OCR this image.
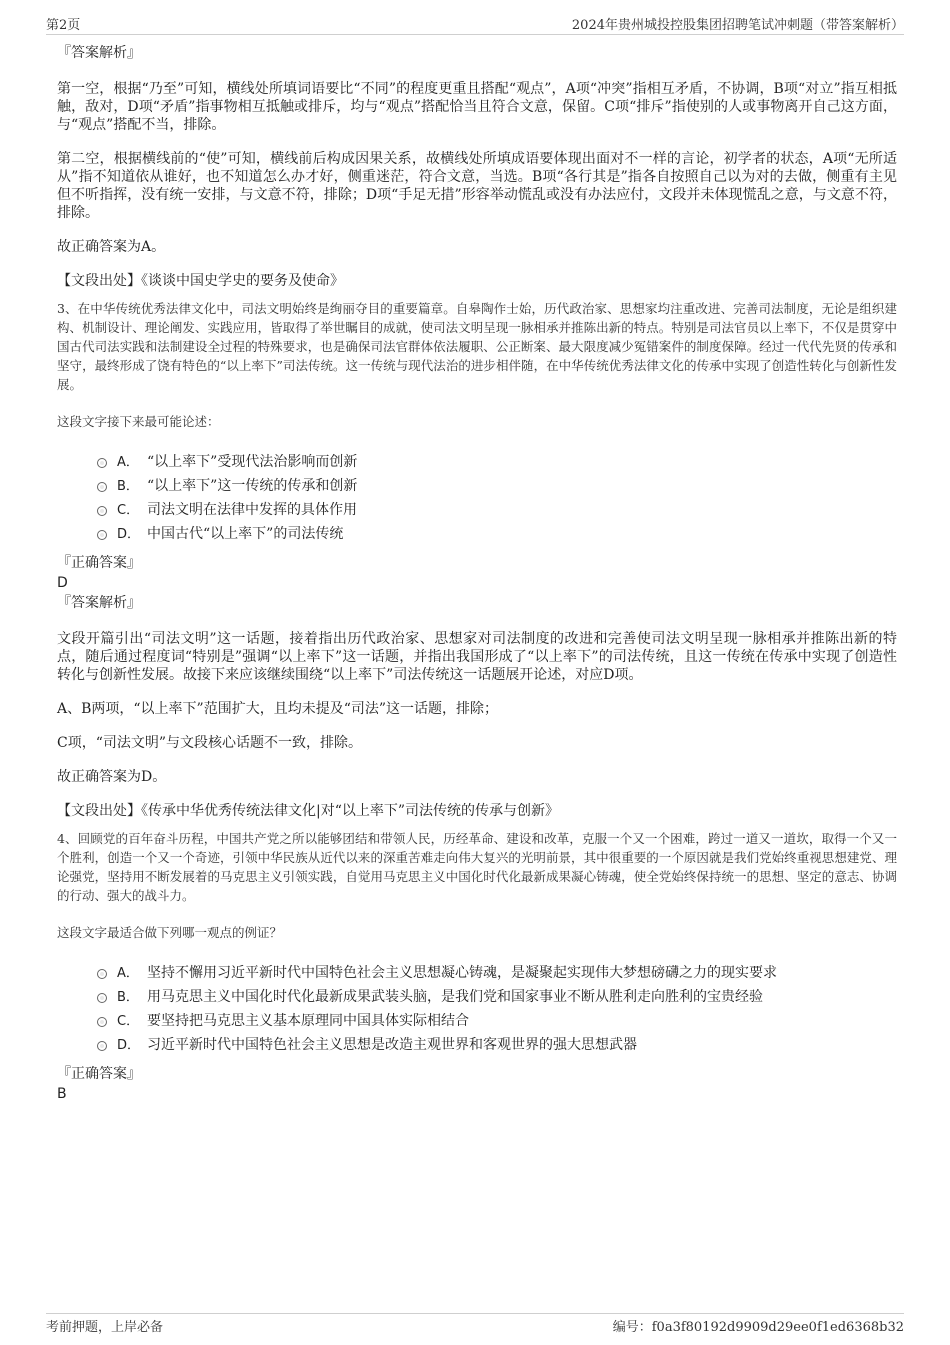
第2页	2024年贵州城投控股集团招聘笔试冲刺题（带答案解析）
『答案解析』

第一空，根据“乃至”可知，横线处所填词语要比“不同”的程度更重且搭配“观点”，A项“冲突”指相互矛盾，不协调，B项“对立”指互相抵触，敌对，D项“矛盾”指事物相互抵触或排斥，均与“观点”搭配恰当且符合文意，保留。C项“排斥”指使别的人或事物离开自己这方面，与“观点”搭配不当，排除。

第二空，根据横线前的“使”可知，横线前后构成因果关系，故横线处所填成语要体现出面对不一样的言论，初学者的状态，A项“无所适从”指不知道依从谁好，也不知道怎么办才好，侧重迷茫，符合文意，当选。B项“各行其是”指各自按照自己以为对的去做，侧重有主见但不听指挥，没有统一安排，与文意不符，排除；D项“手足无措”形容举动慌乱或没有办法应付，文段并未体现慌乱之意，与文意不符，排除。

故正确答案为A。

【文段出处】《谈谈中国史学史的要务及使命》
3、在中华传统优秀法律文化中，司法文明始终是绚丽夺目的重要篇章。自皋陶作士始，历代政治家、思想家均注重改进、完善司法制度，无论是组织建构、机制设计、理论阐发、实践应用，皆取得了举世瞩目的成就，使司法文明呈现一脉相承并推陈出新的特点。特别是司法官员以上率下，不仅是贯穿中国古代司法实践和法制建设全过程的特殊要求，也是确保司法官群体依法履职、公正断案、最大限度减少冤错案件的制度保障。经过一代代先贤的传承和坚守，最终形成了饶有特色的“以上率下”司法传统。这一传统与现代法治的进步相伴随，在中华传统优秀法律文化的传承中实现了创造性转化与创新性发展。
这段文字接下来最可能论述：
A． “以上率下”受现代法治影响而创新
B． “以上率下”这一传统的传承和创新
C． 司法文明在法律中发挥的具体作用
D． 中国古代“以上率下”的司法传统
『正确答案』
D
『答案解析』

文段开篇引出“司法文明”这一话题，接着指出历代政治家、思想家对司法制度的改进和完善使司法文明呈现一脉相承并推陈出新的特点，随后通过程度词“特别是”强调“以上率下”这一话题，并指出我国形成了“以上率下”的司法传统，且这一传统在传承中实现了创造性转化与创新性发展。故接下来应该继续围绕“以上率下”司法传统这一话题展开论述，对应D项。

A、B两项，“以上率下”范围扩大，且均未提及“司法”这一话题，排除；

C项，“司法文明”与文段核心话题不一致，排除。

故正确答案为D。

【文段出处】《传承中华优秀传统法律文化|对“以上率下”司法传统的传承与创新》
4、回顾党的百年奋斗历程，中国共产党之所以能够团结和带领人民，历经革命、建设和改革，克服一个又一个困难，跨过一道又一道坎，取得一个又一个胜利，创造一个又一个奇迹，引领中华民族从近代以来的深重苦难走向伟大复兴的光明前景，其中很重要的一个原因就是我们党始终重视思想建党、理论强党，坚持用不断发展着的马克思主义引领实践，自觉用马克思主义中国化时代化最新成果凝心铸魂，使全党始终保持统一的思想、坚定的意志、协调的行动、强大的战斗力。
这段文字最适合做下列哪一观点的例证？
A． 坚持不懈用习近平新时代中国特色社会主义思想凝心铸魂，是凝聚起实现伟大梦想磅礴之力的现实要求
B． 用马克思主义中国化时代化最新成果武装头脑，是我们党和国家事业不断从胜利走向胜利的宝贵经验
C． 要坚持把马克思主义基本原理同中国具体实际相结合
D． 习近平新时代中国特色社会主义思想是改造主观世界和客观世界的强大思想武器
『正确答案』
B
考前押题，上岸必备	编号：f0a3f80192d9909d29ee0f1ed6368b32
